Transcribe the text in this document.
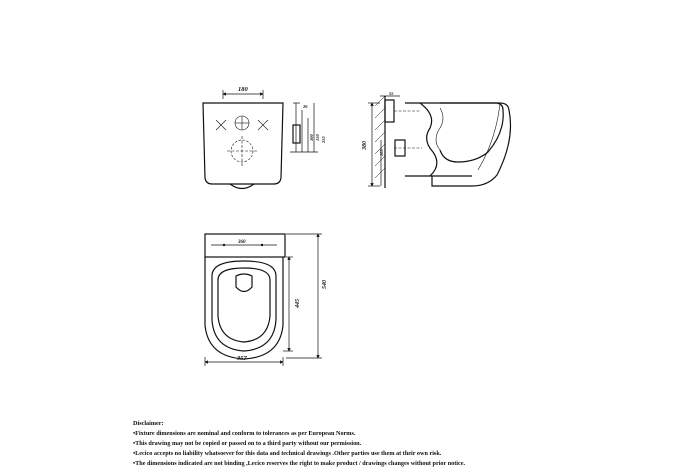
180
26
100 150 255
380
55
185
360
445
540
357
Disclaimer:
•Fixture dimensions are nominal and conform to tolerances as per European Norms.
•This drawing may not be copied or passed on to a third party without our permission.
•Lecico accepts no liability whatsoever for this data and technical drawings .Other parties use them at their own risk.
•The dimensions indicated are not binding ,Lecico reserves the right to make product / drawings changes without prior notice.
